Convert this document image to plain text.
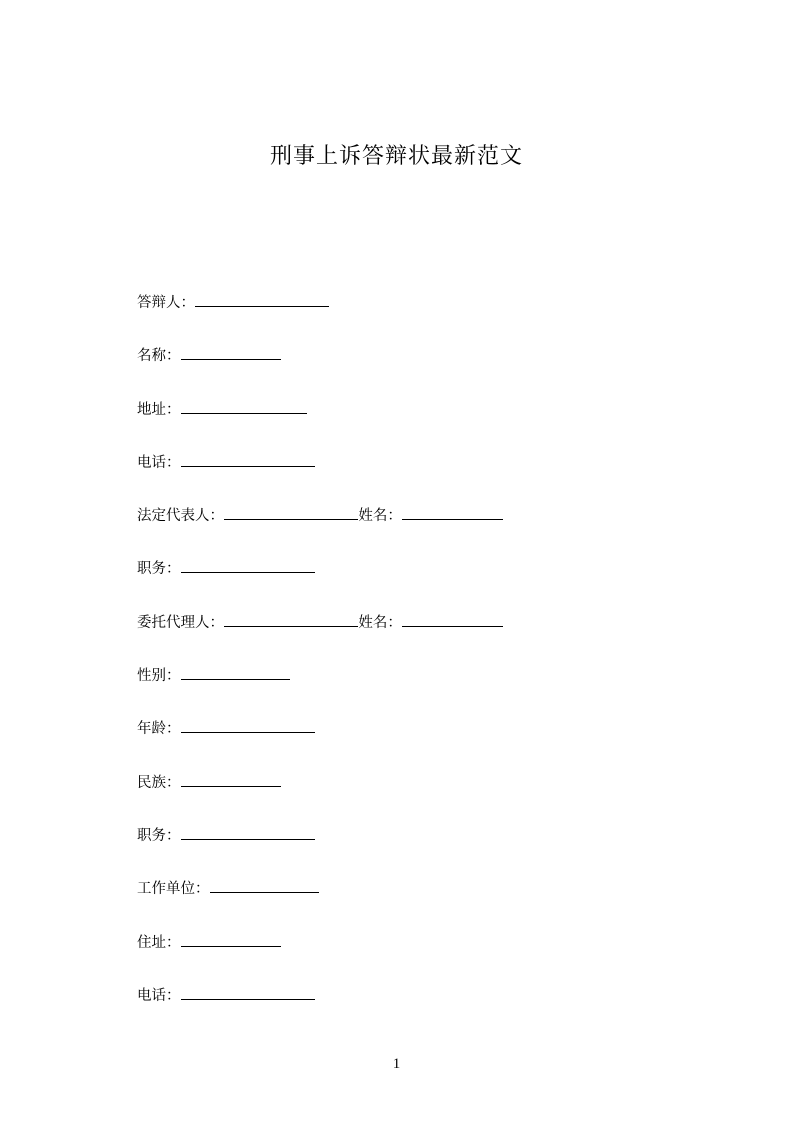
刑事上诉答辩状最新范文
答辩人：
名称：
地址：
电话：
法定代表人：	姓名：
职务：
委托代理人：	姓名：
性别：
年龄：
民族：
职务：
工作单位：
住址：
电话：
1
